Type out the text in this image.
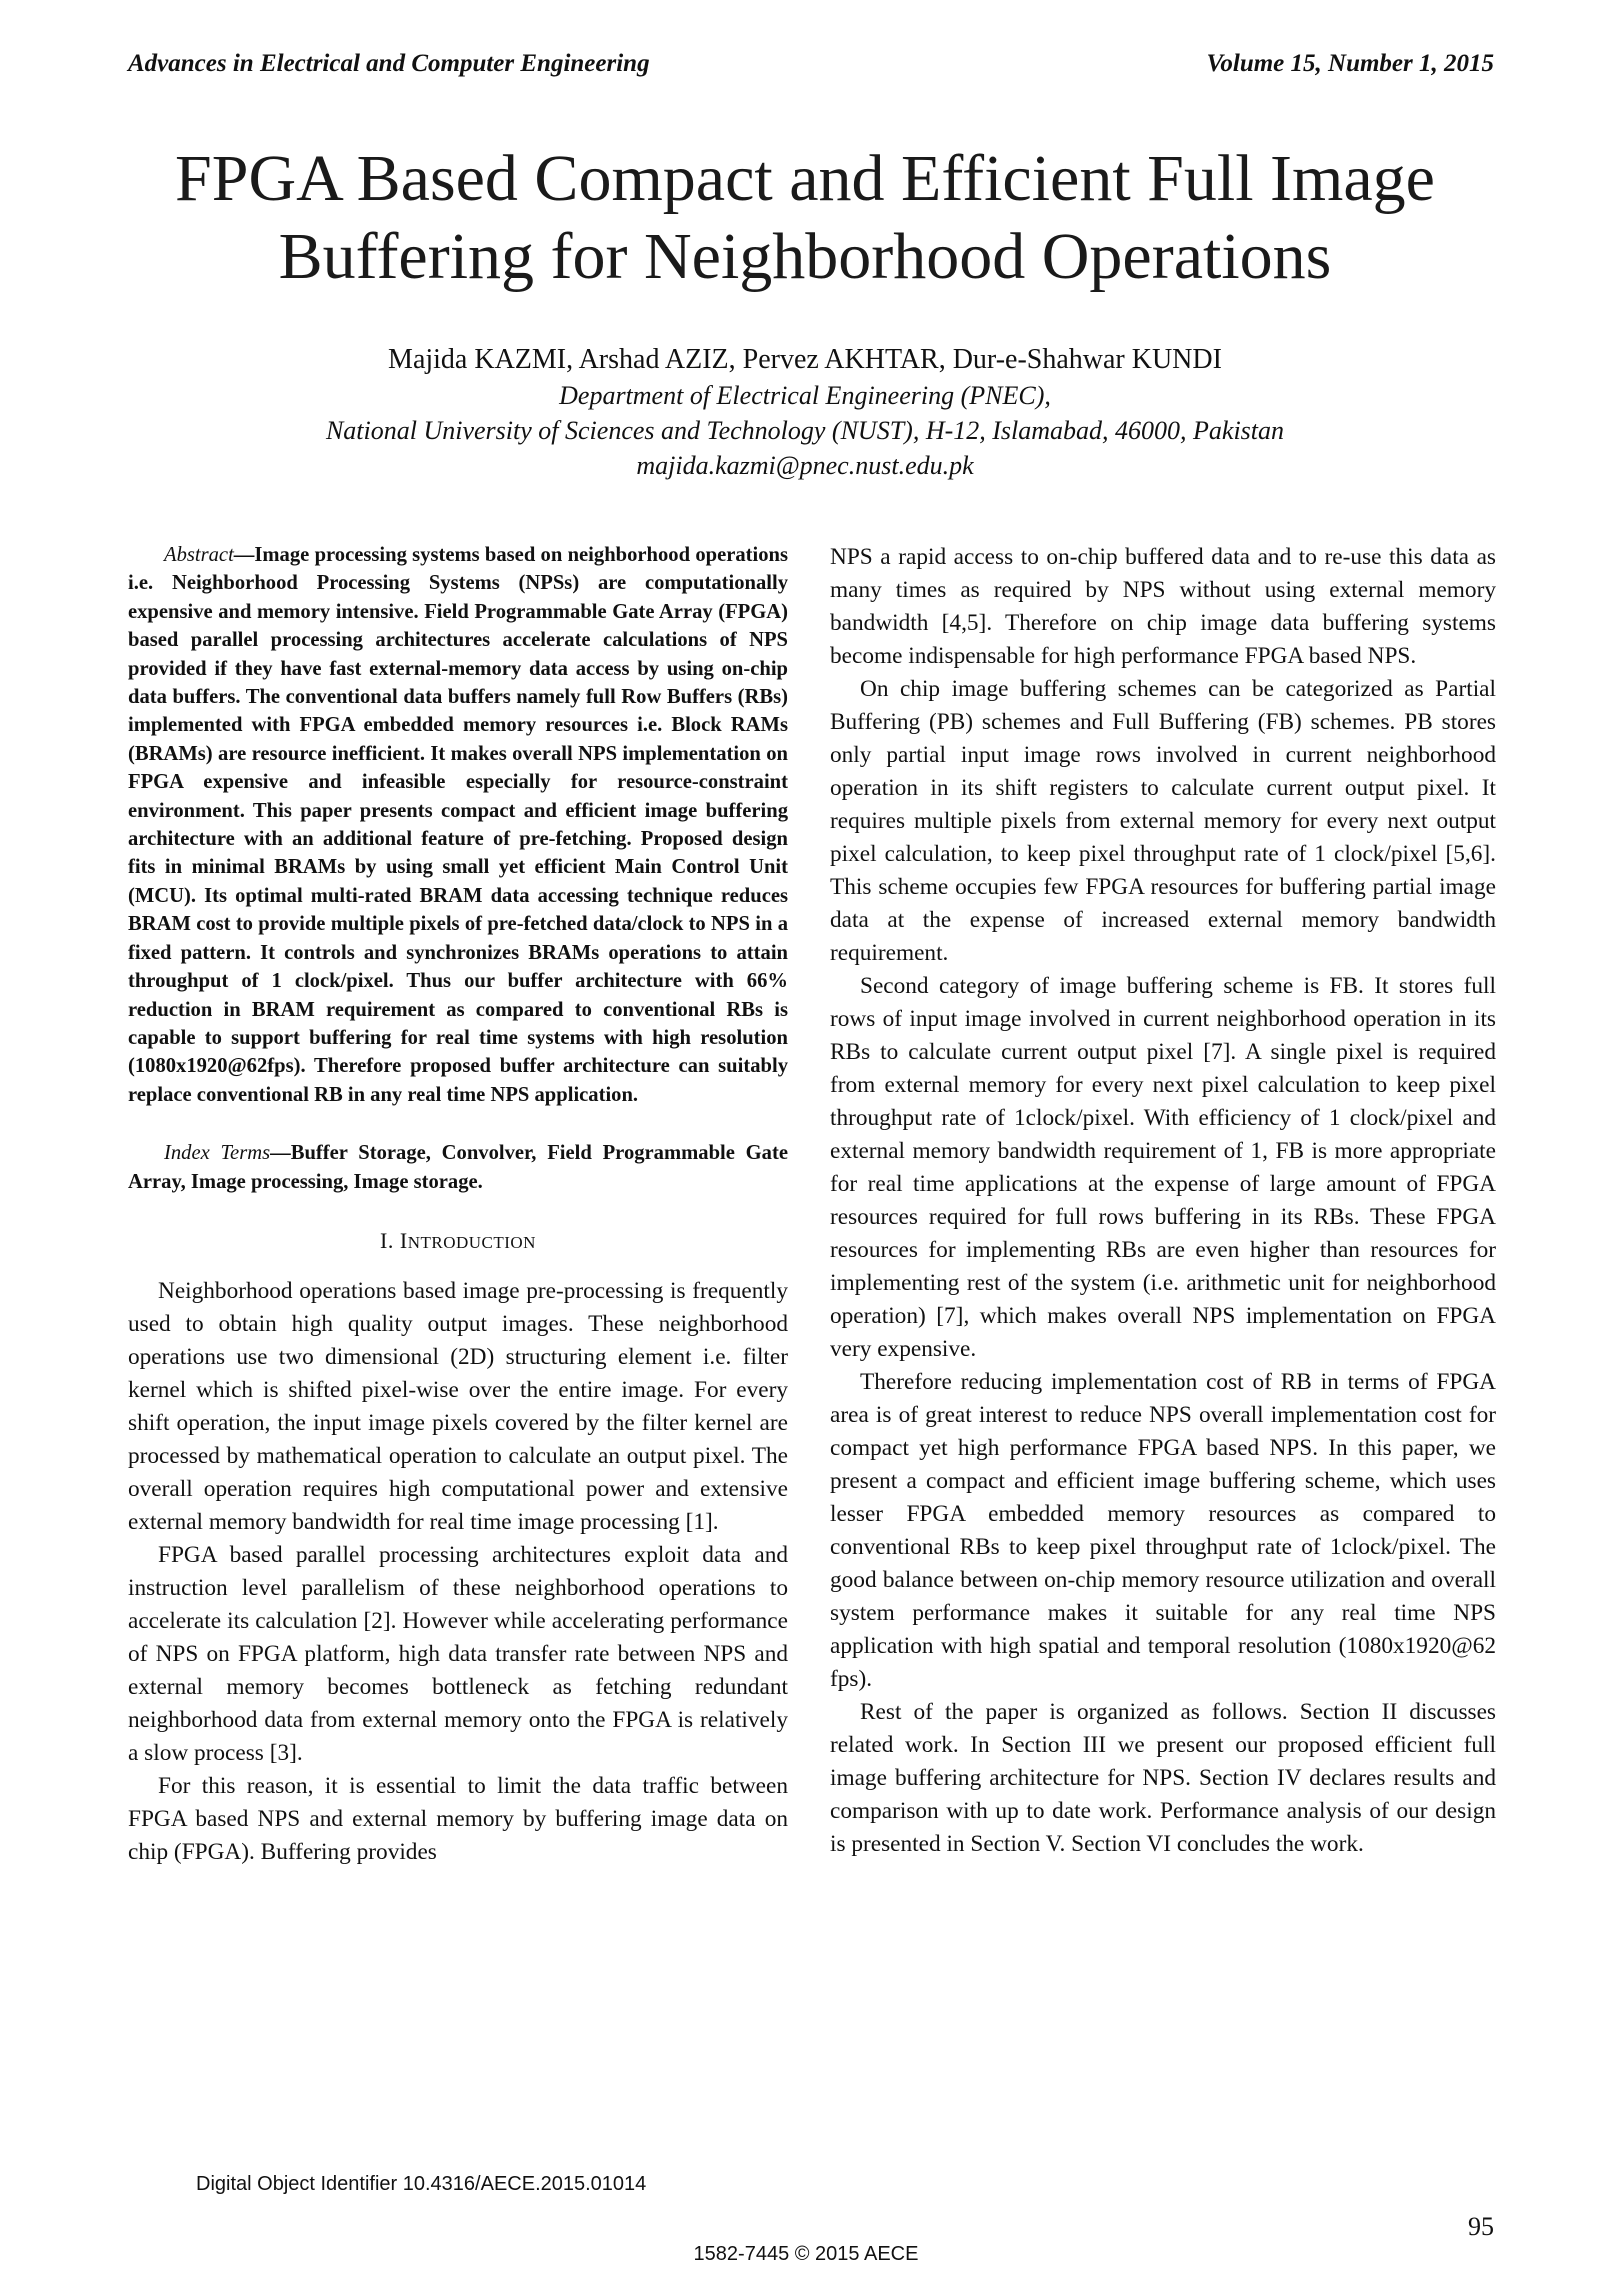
Advances in Electrical and Computer Engineering	Volume 15, Number 1, 2015
FPGA Based Compact and Efficient Full Image
Buffering for Neighborhood Operations
Majida KAZMI, Arshad AZIZ, Pervez AKHTAR, Dur-e-Shahwar KUNDI
Department of Electrical Engineering (PNEC),
National University of Sciences and Technology (NUST), H-12, Islamabad, 46000, Pakistan
majida.kazmi@pnec.nust.edu.pk

Abstract—Image processing systems based on neighborhood operations i.e. Neighborhood Processing Systems (NPSs) are computationally expensive and memory intensive. Field Programmable Gate Array (FPGA) based parallel processing architectures accelerate calculations of NPS provided if they have fast external-memory data access by using on-chip data buffers. The conventional data buffers namely full Row Buffers (RBs) implemented with FPGA embedded memory resources i.e. Block RAMs (BRAMs) are resource inefficient. It makes overall NPS implementation on FPGA expensive and infeasible especially for resource-constraint environment. This paper presents compact and efficient image buffering architecture with an additional feature of pre-fetching. Proposed design fits in minimal BRAMs by using small yet efficient Main Control Unit (MCU). Its optimal multi-rated BRAM data accessing technique reduces BRAM cost to provide multiple pixels of pre-fetched data/clock to NPS in a fixed pattern. It controls and synchronizes BRAMs operations to attain throughput of 1 clock/pixel. Thus our buffer architecture with 66% reduction in BRAM requirement as compared to conventional RBs is capable to support buffering for real time systems with high resolution (1080x1920@62fps). Therefore proposed buffer architecture can suitably replace conventional RB in any real time NPS application.

Index Terms—Buffer Storage, Convolver, Field Programmable Gate Array, Image processing, Image storage.

I. INTRODUCTION

Neighborhood operations based image pre-processing is frequently used to obtain high quality output images. These neighborhood operations use two dimensional (2D) structuring element i.e. filter kernel which is shifted pixel-wise over the entire image. For every shift operation, the input image pixels covered by the filter kernel are processed by mathematical operation to calculate an output pixel. The overall operation requires high computational power and extensive external memory bandwidth for real time image processing [1].

FPGA based parallel processing architectures exploit data and instruction level parallelism of these neighborhood operations to accelerate its calculation [2]. However while accelerating performance of NPS on FPGA platform, high data transfer rate between NPS and external memory becomes bottleneck as fetching redundant neighborhood data from external memory onto the FPGA is relatively a slow process [3].

For this reason, it is essential to limit the data traffic between FPGA based NPS and external memory by buffering image data on chip (FPGA). Buffering provides

NPS a rapid access to on-chip buffered data and to re-use this data as many times as required by NPS without using external memory bandwidth [4,5]. Therefore on chip image data buffering systems become indispensable for high performance FPGA based NPS.

On chip image buffering schemes can be categorized as Partial Buffering (PB) schemes and Full Buffering (FB) schemes. PB stores only partial input image rows involved in current neighborhood operation in its shift registers to calculate current output pixel. It requires multiple pixels from external memory for every next output pixel calculation, to keep pixel throughput rate of 1 clock/pixel [5,6]. This scheme occupies few FPGA resources for buffering partial image data at the expense of increased external memory bandwidth requirement.

Second category of image buffering scheme is FB. It stores full rows of input image involved in current neighborhood operation in its RBs to calculate current output pixel [7]. A single pixel is required from external memory for every next pixel calculation to keep pixel throughput rate of 1clock/pixel. With efficiency of 1 clock/pixel and external memory bandwidth requirement of 1, FB is more appropriate for real time applications at the expense of large amount of FPGA resources required for full rows buffering in its RBs. These FPGA resources for implementing RBs are even higher than resources for implementing rest of the system (i.e. arithmetic unit for neighborhood operation) [7], which makes overall NPS implementation on FPGA very expensive.

Therefore reducing implementation cost of RB in terms of FPGA area is of great interest to reduce NPS overall implementation cost for compact yet high performance FPGA based NPS. In this paper, we present a compact and efficient image buffering scheme, which uses lesser FPGA embedded memory resources as compared to conventional RBs to keep pixel throughput rate of 1clock/pixel. The good balance between on-chip memory resource utilization and overall system performance makes it suitable for any real time NPS application with high spatial and temporal resolution (1080x1920@62 fps).

Rest of the paper is organized as follows. Section II discusses related work. In Section III we present our proposed efficient full image buffering architecture for NPS. Section IV declares results and comparison with up to date work. Performance analysis of our design is presented in Section V. Section VI concludes the work.

Digital Object Identifier 10.4316/AECE.2015.01014
95
1582-7445 © 2015 AECE
